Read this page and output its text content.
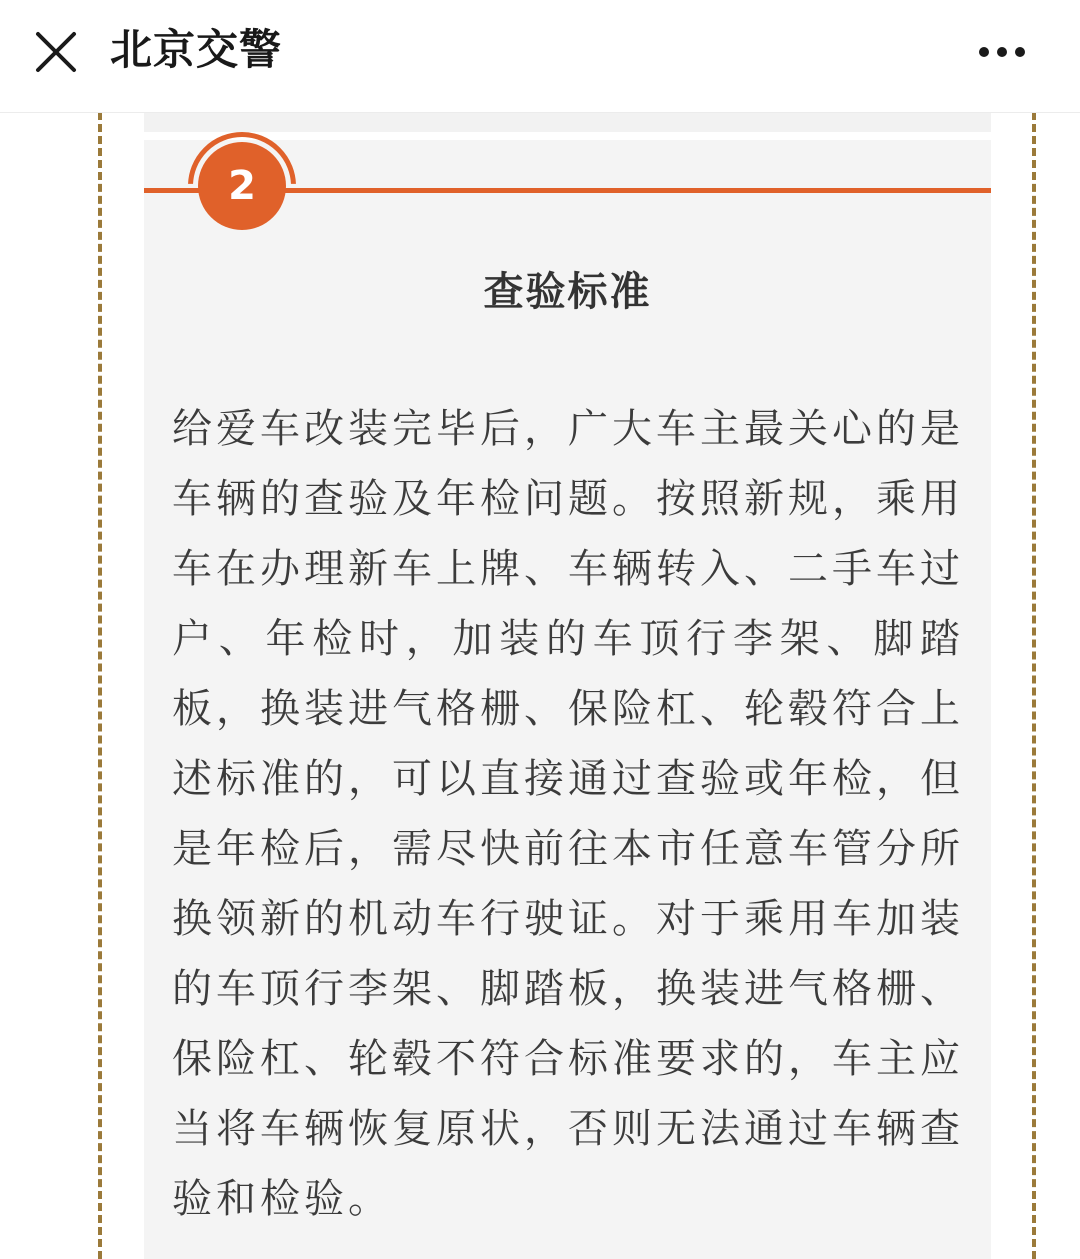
北京交警
2
查验标准
给爱车改装完毕后，广大车主最关心的是车辆的查验及年检问题。按照新规，乘用车在办理新车上牌、车辆转入、二手车过户、年检时，加装的车顶行李架、脚踏板，换装进气格栅、保险杠、轮毂符合上述标准的，可以直接通过查验或年检，但是年检后，需尽快前往本市任意车管分所换领新的机动车行驶证。对于乘用车加装的车顶行李架、脚踏板，换装进气格栅、保险杠、轮毂不符合标准要求的，车主应当将车辆恢复原状，否则无法通过车辆查验和检验。
